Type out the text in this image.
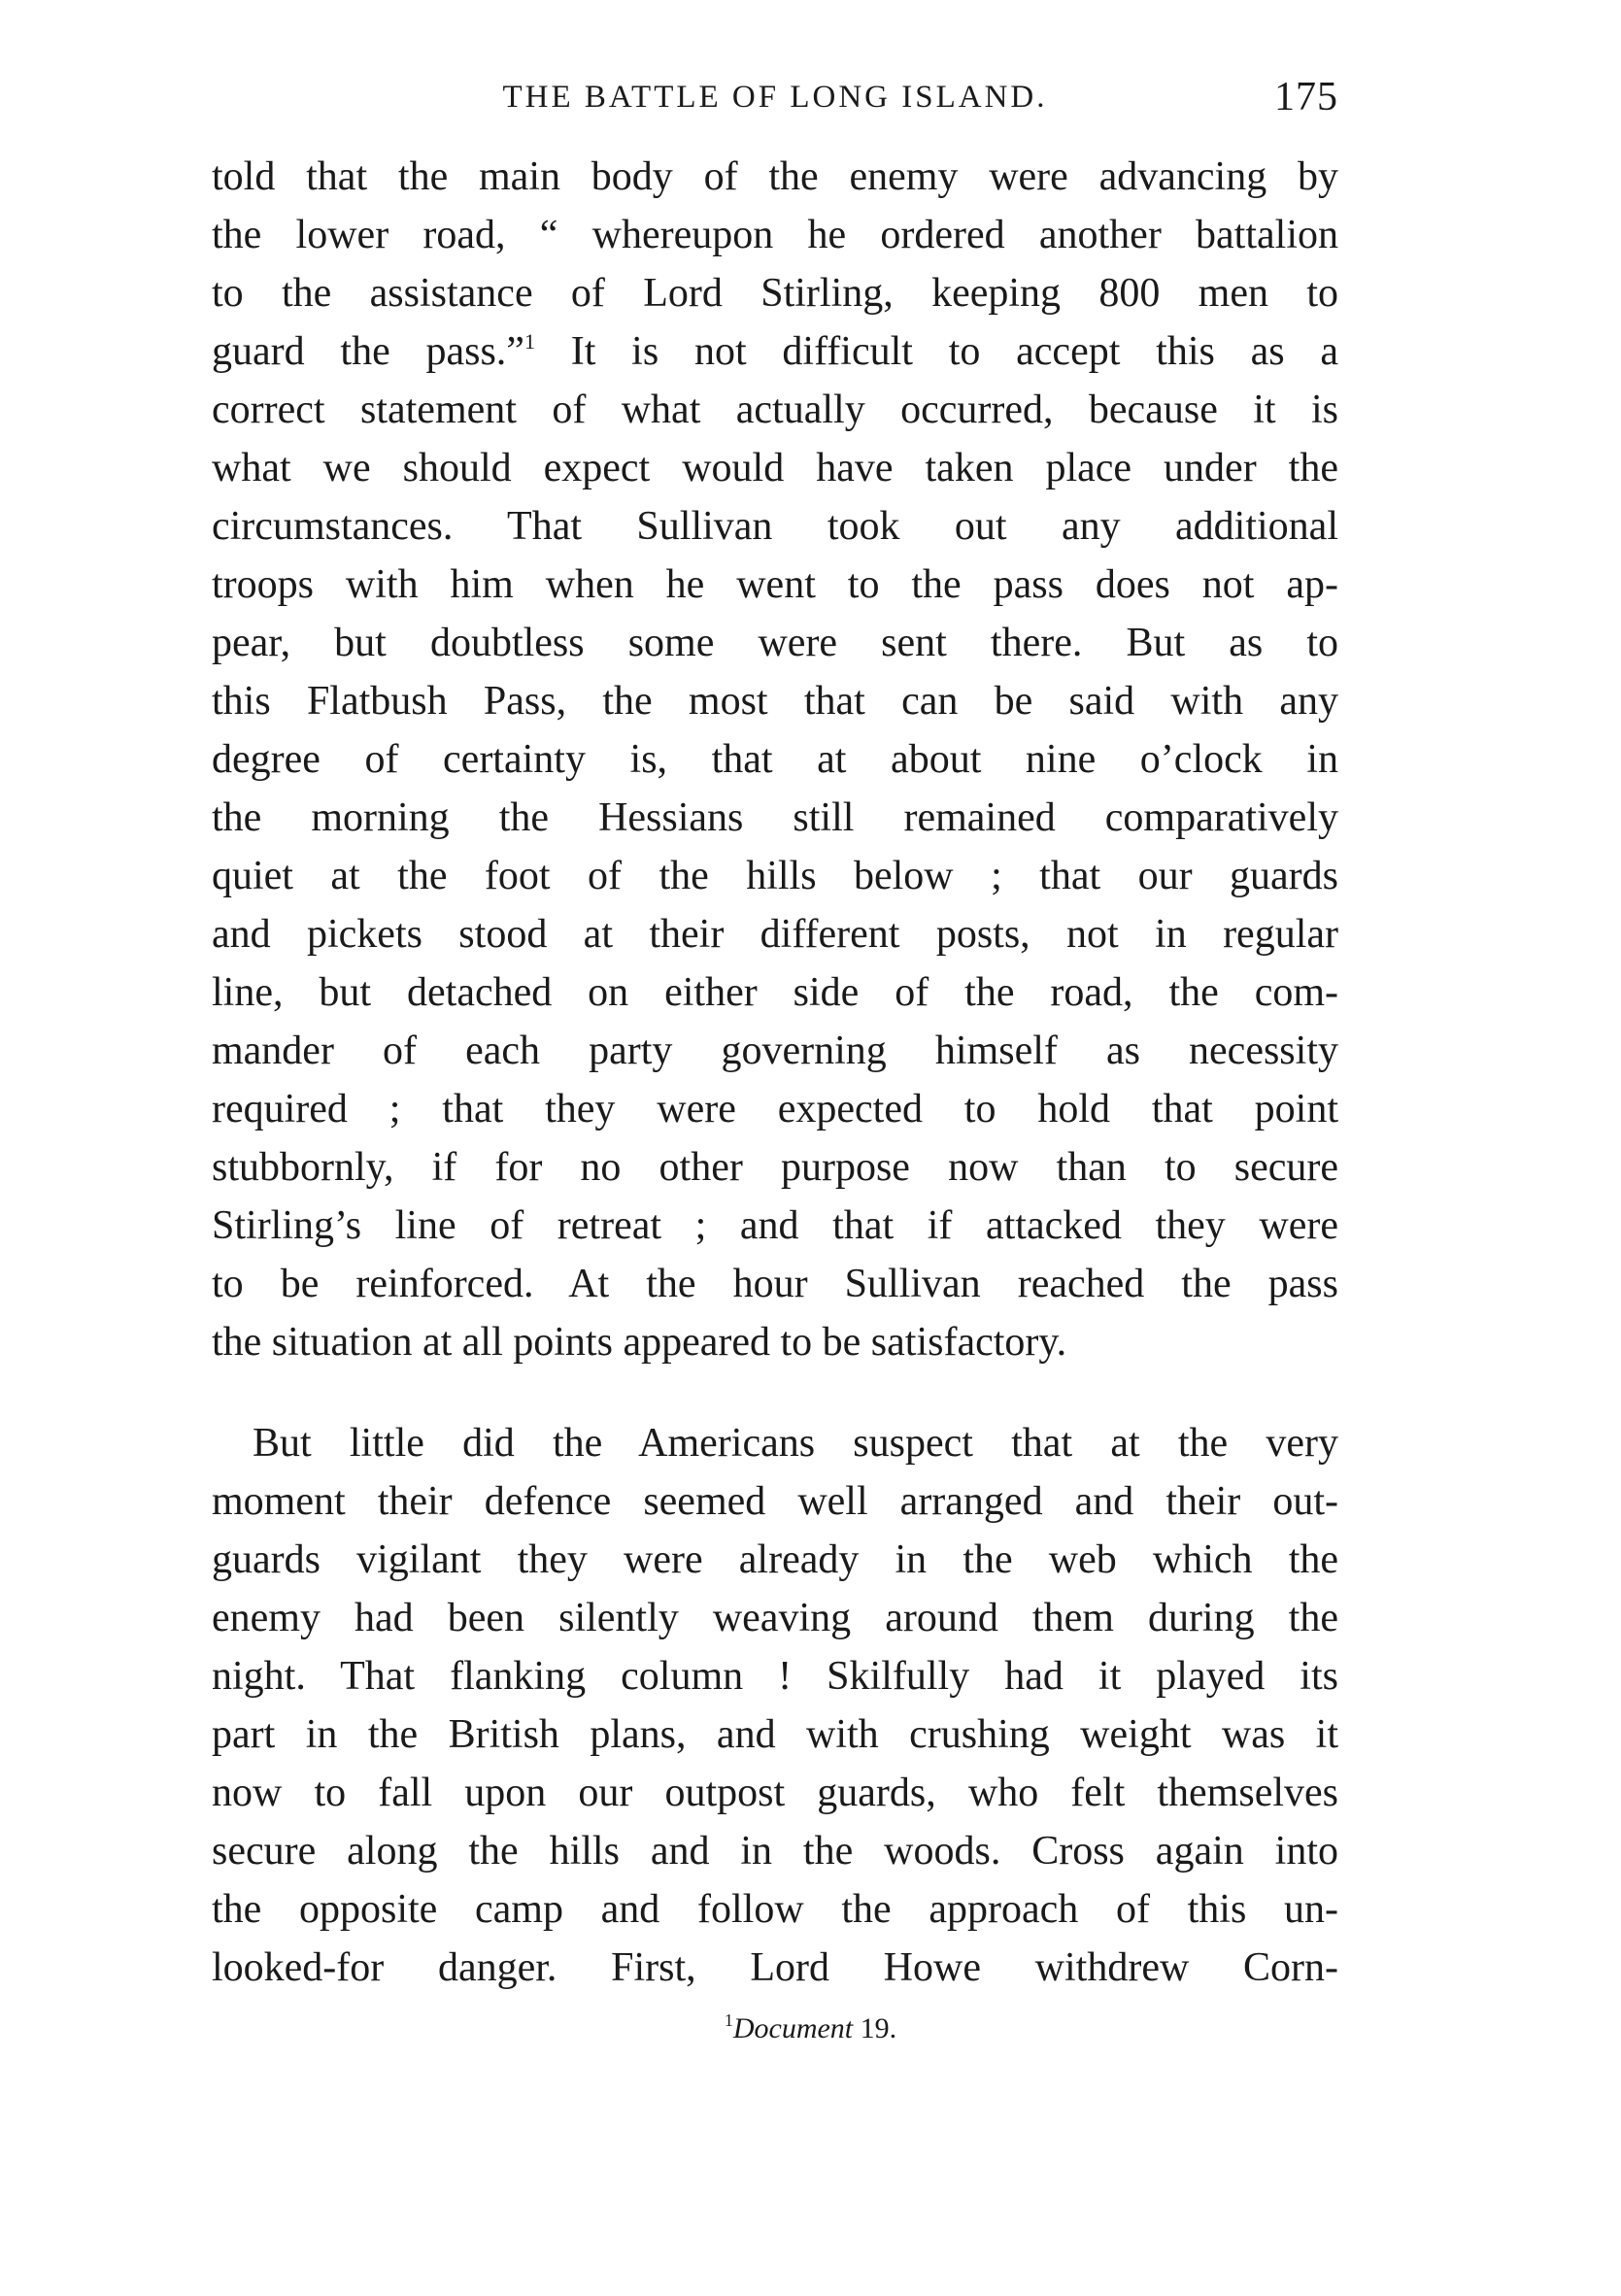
THE BATTLE OF LONG ISLAND.	175
told that the main body of the enemy were advancing by
the lower road, “ whereupon he ordered another battalion
to the assistance of Lord Stirling, keeping 800 men to
guard the pass.”$^1$ It is not difficult to accept this as a
correct statement of what actually occurred, because it is
what we should expect would have taken place under the
circumstances. That Sullivan took out any additional
troops with him when he went to the pass does not ap-
pear, but doubtless some were sent there. But as to
this Flatbush Pass, the most that can be said with any
degree of certainty is, that at about nine o’clock in
the morning the Hessians still remained comparatively
quiet at the foot of the hills below ; that our guards
and pickets stood at their different posts, not in regular
line, but detached on either side of the road, the com-
mander of each party governing himself as necessity
required ; that they were expected to hold that point
stubbornly, if for no other purpose now than to secure
Stirling’s line of retreat ; and that if attacked they were
to be reinforced. At the hour Sullivan reached the pass
the situation at all points appeared to be satisfactory.
But little did the Americans suspect that at the very
moment their defence seemed well arranged and their out-
guards vigilant they were already in the web which the
enemy had been silently weaving around them during the
night. That flanking column ! Skilfully had it played its
part in the British plans, and with crushing weight was it
now to fall upon our outpost guards, who felt themselves
secure along the hills and in the woods. Cross again into
the opposite camp and follow the approach of this un-
looked-for danger. First, Lord Howe withdrew Corn-
$^1$Document 19.
